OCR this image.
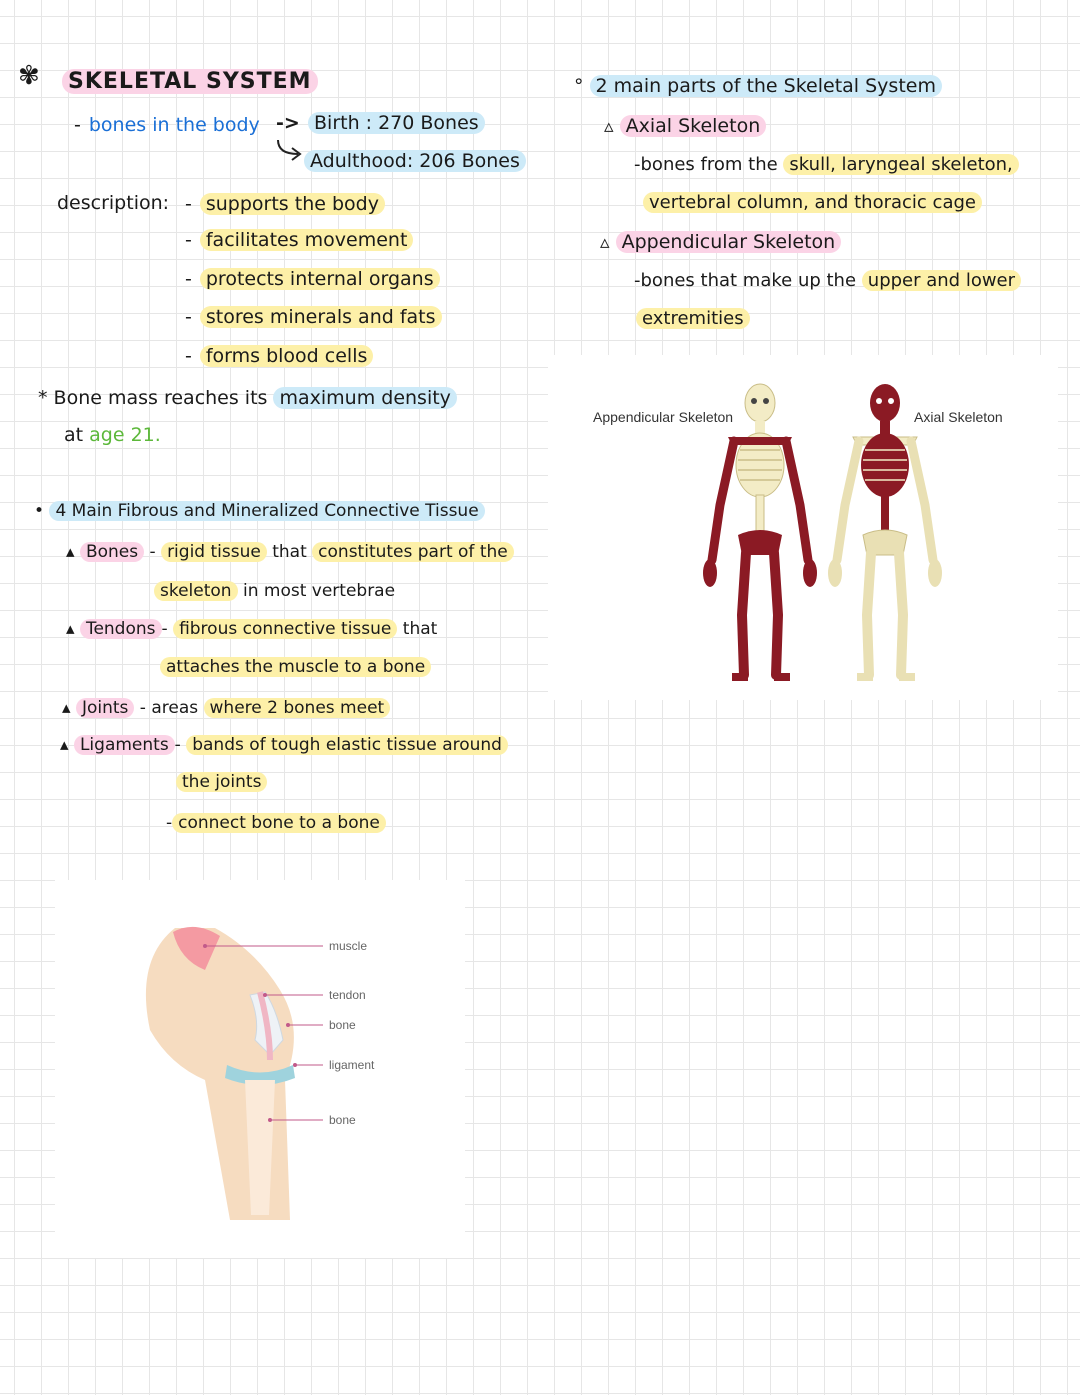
✾ SKELETAL SYSTEM
- bones in the body -> Birth : 270 Bones
Adulthood: 206 Bones
description: - supports the body
- facilitates movement
- protects internal organs
- stores minerals and fats
- forms blood cells
* Bone mass reaches its maximum density
at age 21.
• 4 Main Fibrous and Mineralized Connective Tissue
▴ Bones - rigid tissue that constitutes part of the
skeleton in most vertebrae
▴ Tendons - fibrous connective tissue that
attaches the muscle to a bone
▴ Joints - areas where 2 bones meet
▴ Ligaments - bands of tough elastic tissue around
the joints
- connect bone to a bone
° 2 main parts of the Skeletal System
▵ Axial Skeleton
-bones from the skull, laryngeal skeleton,
vertebral column, and thoracic cage
▵ Appendicular Skeleton
-bones that make up the upper and lower
extremities
Appendicular Skeleton	Axial Skeleton
muscle
tendon
bone
ligament
bone
